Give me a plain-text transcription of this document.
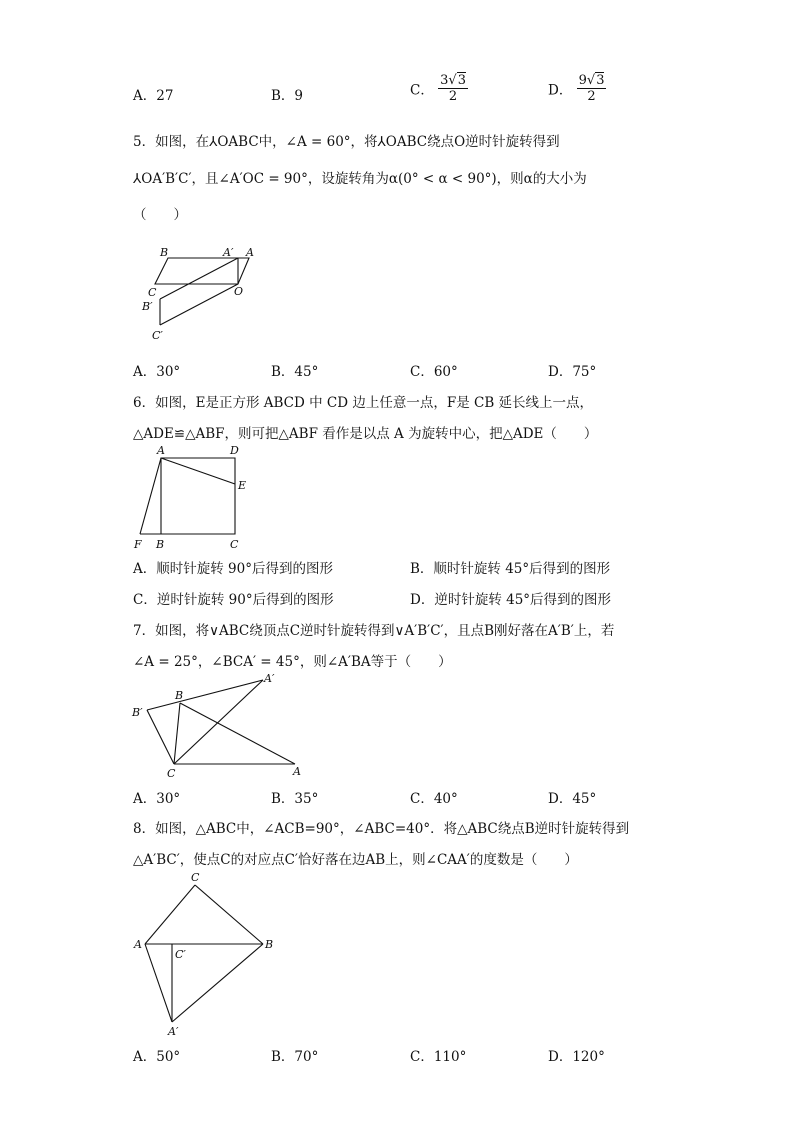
A．27	B．9	C． $\frac{3√3}{2}$	D． $\frac{9√3}{2}$
5．如图，在⅄OABC中，∠A = 60°，将⅄OABC绕点O逆时针旋转得到
⅄OA′B′C′，且∠A′OC = 90°，设旋转角为α(0° < α < 90°)，则α的大小为
（　　）
B	A′ A
C	O
B′
C′
A．30°	B．45°	C．60°	D．75°
6．如图，E是正方形 ABCD 中 CD 边上任意一点，F是 CB 延长线上一点，
△ADE≌△ABF，则可把△ABF 看作是以点 A 为旋转中心，把△ADE（　　）
A	D
E
F B	C
A．顺时针旋转 90°后得到的图形	B．顺时针旋转 45°后得到的图形
C．逆时针旋转 90°后得到的图形	D．逆时针旋转 45°后得到的图形
7．如图，将∨ABC绕顶点C逆时针旋转得到∨A′B′C′，且点B刚好落在A′B′上，若
∠A = 25°，∠BCA′ = 45°，则∠A′BA等于（　　）
B
A′
B′
C	A
A．30°	B．35°	C．40°	D．45°
8．如图，△ABC中，∠ACB=90°，∠ABC=40°．将△ABC绕点B逆时针旋转得到
△A′BC′，使点C的对应点C′恰好落在边AB上，则∠CAA′的度数是（　　）
C
A
C′
B
A′
A．50°	B．70°	C．110°	D．120°
